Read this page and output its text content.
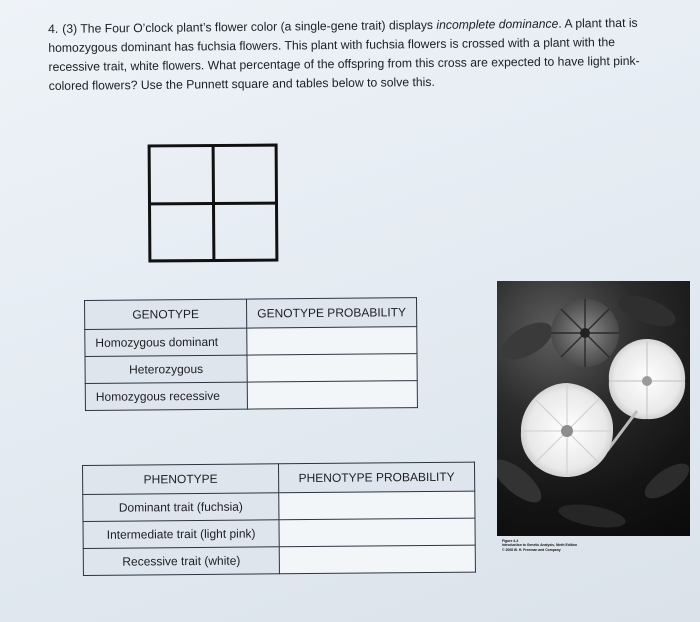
4. (3) The Four O’clock plant’s flower color (a single-gene trait) displays incomplete dominance. A plant that is homozygous dominant has fuchsia flowers. This plant with fuchsia flowers is crossed with a plant with the recessive trait, white flowers. What percentage of the offspring from this cross are expected to have light pink-colored flowers? Use the Punnett square and tables below to solve this.
GENOTYPE	GENOTYPE PROBABILITY
Homozygous dominant	
Heterozygous	
Homozygous recessive	
PHENOTYPE	PHENOTYPE PROBABILITY
Dominant trait (fuchsia)	
Intermediate trait (light pink)	
Recessive trait (white)	
Figure 4-4
Introduction to Genetic Analysis, Ninth Edition
© 2008 W. H. Freeman and Company
